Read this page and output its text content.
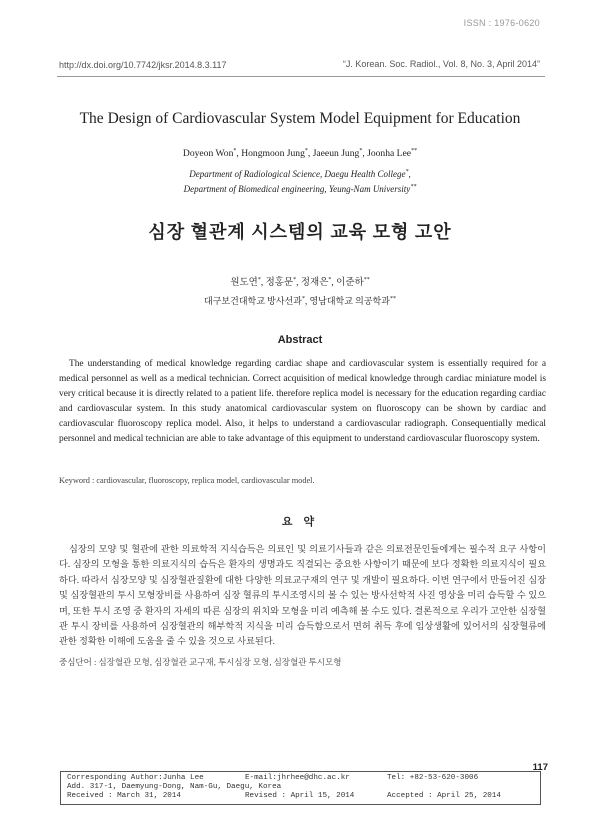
ISSN : 1976-0620
http://dx.doi.org/10.7742/jksr.2014.8.3.117	“J. Korean. Soc. Radiol., Vol. 8, No. 3, April 2014”
The Design of Cardiovascular System Model Equipment for Education
Doyeon Won*, Hongmoon Jung*, Jaeeun Jung*, Joonha Lee**
Department of Radiological Science, Daegu Health College*,
Department of Biomedical engineering, Yeung-Nam University**
심장 혈관계 시스템의 교육 모형 고안
원도연*, 정홍문*, 정재은*, 이준하**
대구보건대학교 방사선과*, 영남대학교 의공학과**
Abstract
The understanding of medical knowledge regarding cardiac shape and cardiovascular system is essentially required for a medical personnel as well as a medical technician. Correct acquisition of medical knowledge through cardiac miniature model is very critical because it is directly related to a patient life. therefore replica model is necessary for the education regarding cardiac and cardiovascular system. In this study anatomical cardiovascular system on fluoroscopy can be shown by cardiac and cardiovascular fluoroscopy replica model. Also, it helps to understand a cardiovascular radiograph. Consequentially medical personnel and medical technician are able to take advantage of this equipment to understand cardiovascular fluoroscopy system.
Keyword : cardiovascular, fluoroscopy, replica model, cardiovascular model.
요 약
심장의 모양 및 혈관에 관한 의료학적 지식습득은 의료인 및 의료기사들과 같은 의료전문인들에게는 필수적 요구 사항이다. 심장의 모형을 통한 의료지식의 습득은 환자의 생명과도 직결되는 중요한 사항이기 때문에 보다 정확한 의료지식이 필요하다. 따라서 심장모양 및 심장혈관질환에 대한 다양한 의료교구재의 연구 및 개발이 필요하다. 이번 연구에서 만들어진 심장 및 심장혈관의 투시 모형장비를 사용하여 심장 혈류의 투시조영시의 볼 수 있는 방사선학적 사진 영상을 미리 습득할 수 있으며, 또한 투시 조영 중 환자의 자세의 따른 심장의 위치와 모형을 미리 예측해 볼 수도 있다. 결론적으로 우리가 고안한 심장혈관 투시 장비를 사용하여 심장혈관의 해부학적 지식을 미리 습득함으로서 면허 취득 후에 임상생활에 있어서의 심장혈류에 관한 정확한 이해에 도움을 줄 수 있을 것으로 사료된다.
중심단어 : 심장혈관 모형, 심장혈관 교구재, 투시심장 모형, 심장혈관 투시모형
117
Corresponding Author:Junha Lee	E-mail:jhrhee@dhc.ac.kr	Tel: +82-53-620-3006
Add. 317-1, Daemyung-Dong, Nam-Gu, Daegu, Korea
Received : March 31, 2014	Revised : April 15, 2014	Accepted : April 25, 2014
